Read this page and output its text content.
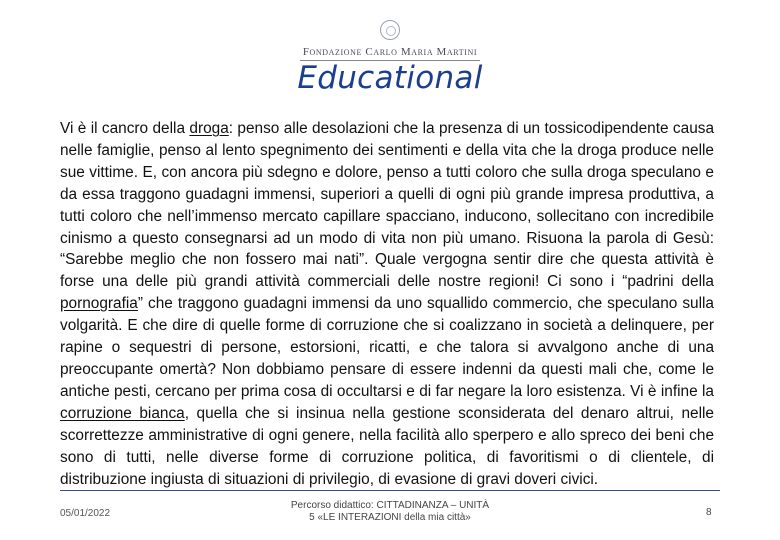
Fondazione Carlo Maria Martini
Educational
Vi è il cancro della droga: penso alle desolazioni che la presenza di un tossicodipendente causa nelle famiglie, penso al lento spegnimento dei sentimenti e della vita che la droga produce nelle sue vittime. E, con ancora più sdegno e dolore, penso a tutti coloro che sulla droga speculano e da essa traggono guadagni immensi, superiori a quelli di ogni più grande impresa produttiva, a tutti coloro che nell’immenso mercato capillare spacciano, inducono, sollecitano con incredibile cinismo a questo consegnarsi ad un modo di vita non più umano. Risuona la parola di Gesù: “Sarebbe meglio che non fossero mai nati”. Quale vergogna sentir dire che questa attività è forse una delle più grandi attività commerciali delle nostre regioni! Ci sono i “padrini della pornografia” che traggono guadagni immensi da uno squallido commercio, che speculano sulla volgarità. E che dire di quelle forme di corruzione che si coalizzano in società a delinquere, per rapine o sequestri di persone, estorsioni, ricatti, e che talora si avvalgono anche di una preoccupante omertà? Non dobbiamo pensare di essere indenni da questi mali che, come le antiche pesti, cercano per prima cosa di occultarsi e di far negare la loro esistenza. Vi è infine la corruzione bianca, quella che si insinua nella gestione sconsiderata del denaro altrui, nelle scorrettezze amministrative di ogni genere, nella facilità allo sperpero e allo spreco dei beni che sono di tutti, nelle diverse forme di corruzione politica, di favoritismi o di clientele, di distribuzione ingiusta di situazioni di privilegio, di evasione di gravi doveri civici.
05/01/2022
Percorso didattico: CITTADINANZA – UNITÀ
5 «LE INTERAZIONI della mia città»	8
